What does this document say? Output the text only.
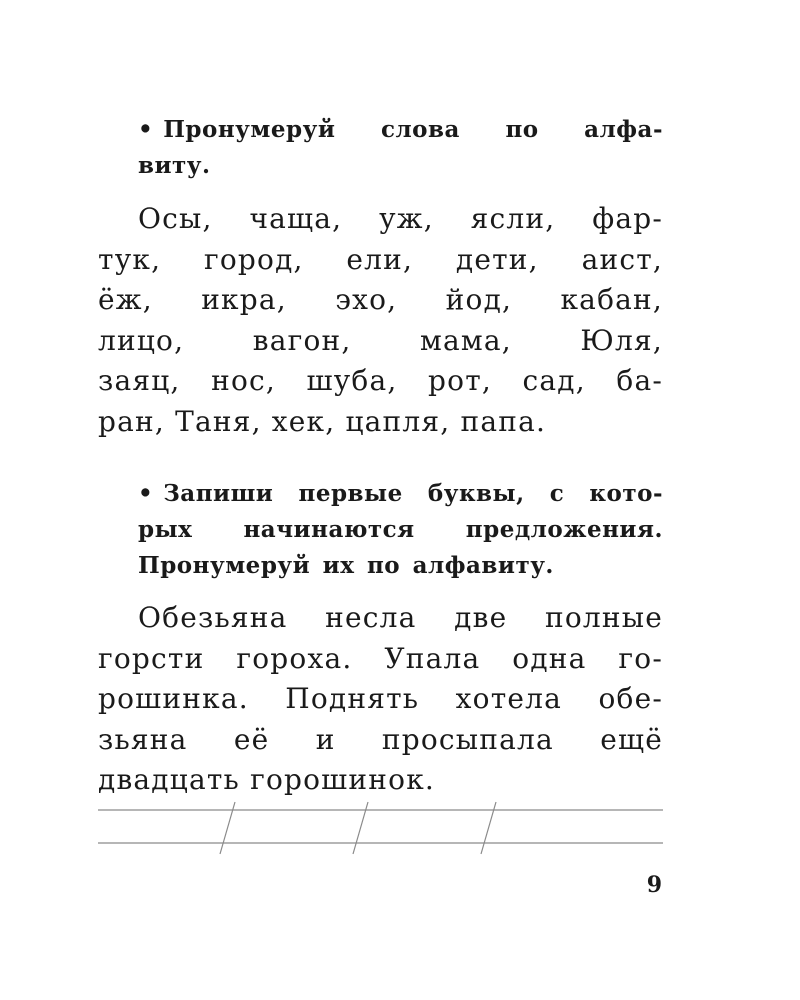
• Пронумеруй слова по алфа-
виту.
Осы, чаща, уж, ясли, фар-
тук, город, ели, дети, аист,
ёж, икра, эхо, йод, кабан,
лицо, вагон, мама, Юля,
заяц, нос, шуба, рот, сад, ба-
ран, Таня, хек, цапля, папа.
• Запиши первые буквы, с кото-
рых начинаются предложения.
Пронумеруй их по алфавиту.
Обезьяна несла две полные
горсти гороха. Упала одна го-
рошинка. Поднять хотела обе-
зьяна её и просыпала ещё
двадцать горошинок.
9
